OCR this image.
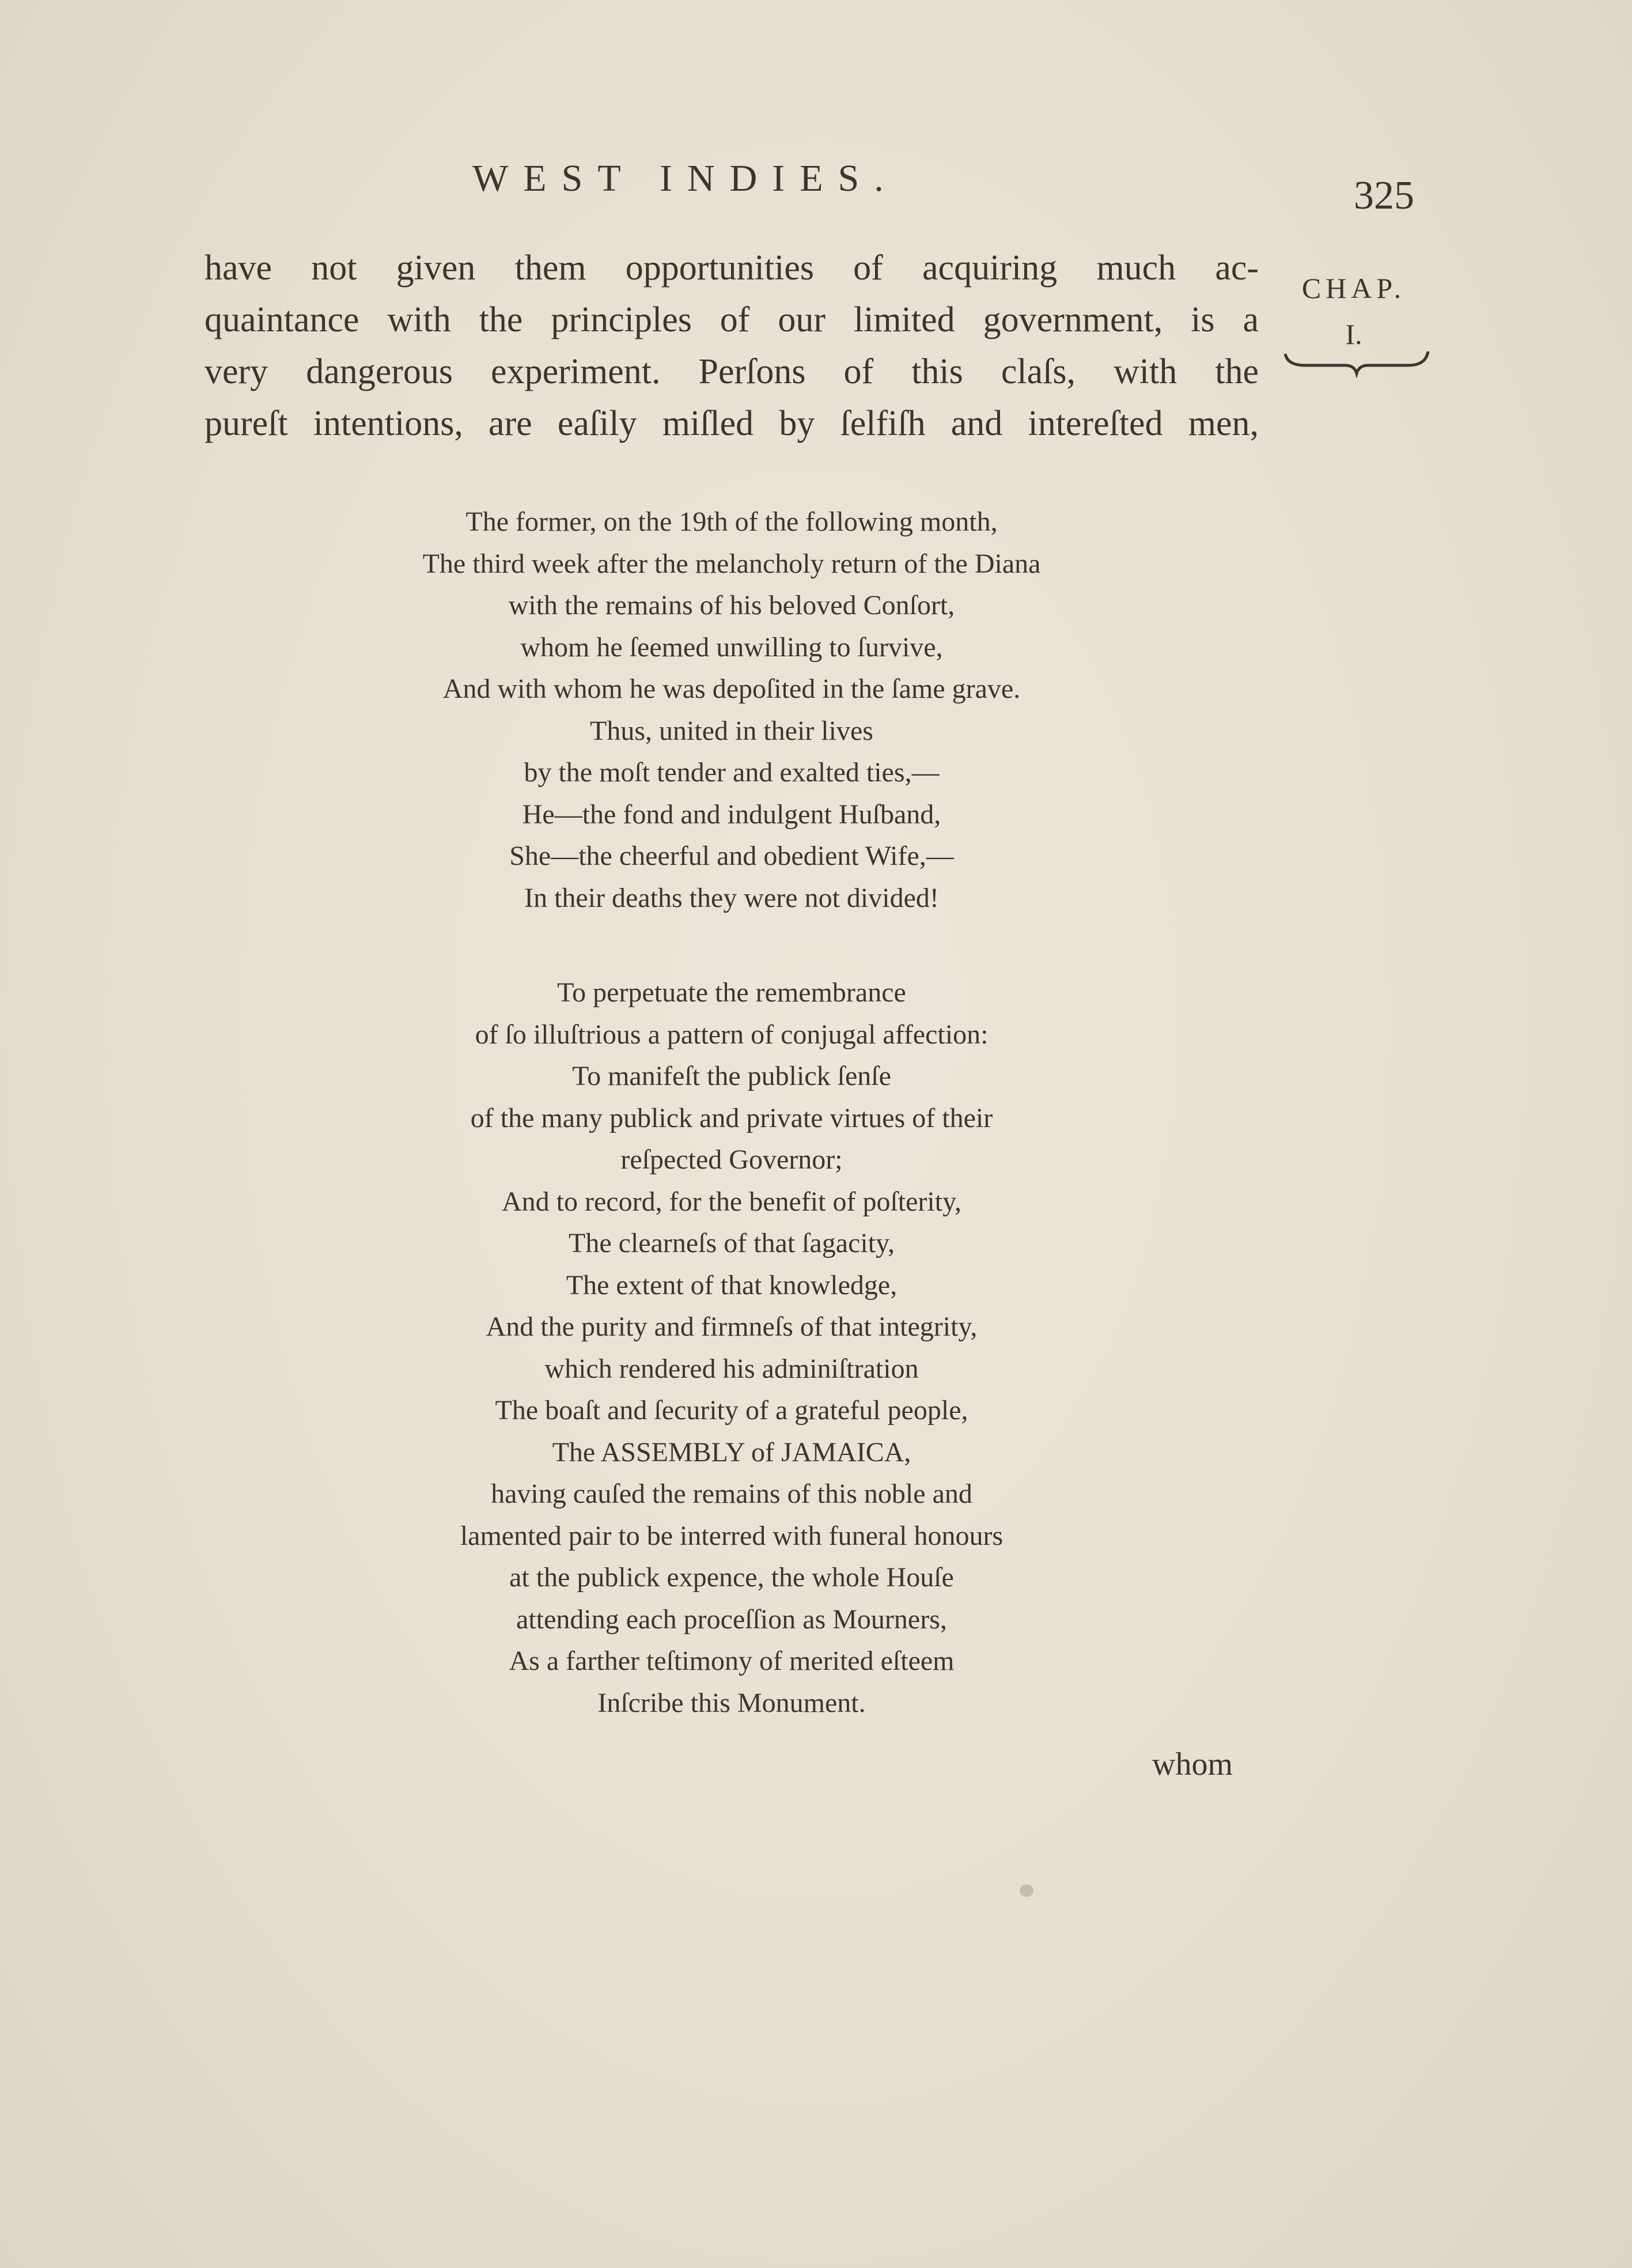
WEST INDIES.	325
CHAP.
I.
have not given them opportunities of acquiring much ac-
quaintance with the principles of our limited government, is a
very dangerous experiment. Perſons of this claſs, with the
pureſt intentions, are eaſily miſled by ſelfiſh and intereſted men,
The former, on the 19th of the following month,
The third week after the melancholy return of the Diana
with the remains of his beloved Conſort,
whom he ſeemed unwilling to ſurvive,
And with whom he was depoſited in the ſame grave.
Thus, united in their lives
by the moſt tender and exalted ties,—
He—the fond and indulgent Huſband,
She—the cheerful and obedient Wife,—
In their deaths they were not divided!
To perpetuate the remembrance
of ſo illuſtrious a pattern of conjugal affection:
To manifeſt the publick ſenſe
of the many publick and private virtues of their
reſpected Governor;
And to record, for the benefit of poſterity,
The clearneſs of that ſagacity,
The extent of that knowledge,
And the purity and firmneſs of that integrity,
which rendered his adminiſtration
The boaſt and ſecurity of a grateful people,
The ASSEMBLY of JAMAICA,
having cauſed the remains of this noble and
lamented pair to be interred with funeral honours
at the publick expence, the whole Houſe
attending each proceſſion as Mourners,
As a farther teſtimony of merited eſteem
Inſcribe this Monument.
whom
